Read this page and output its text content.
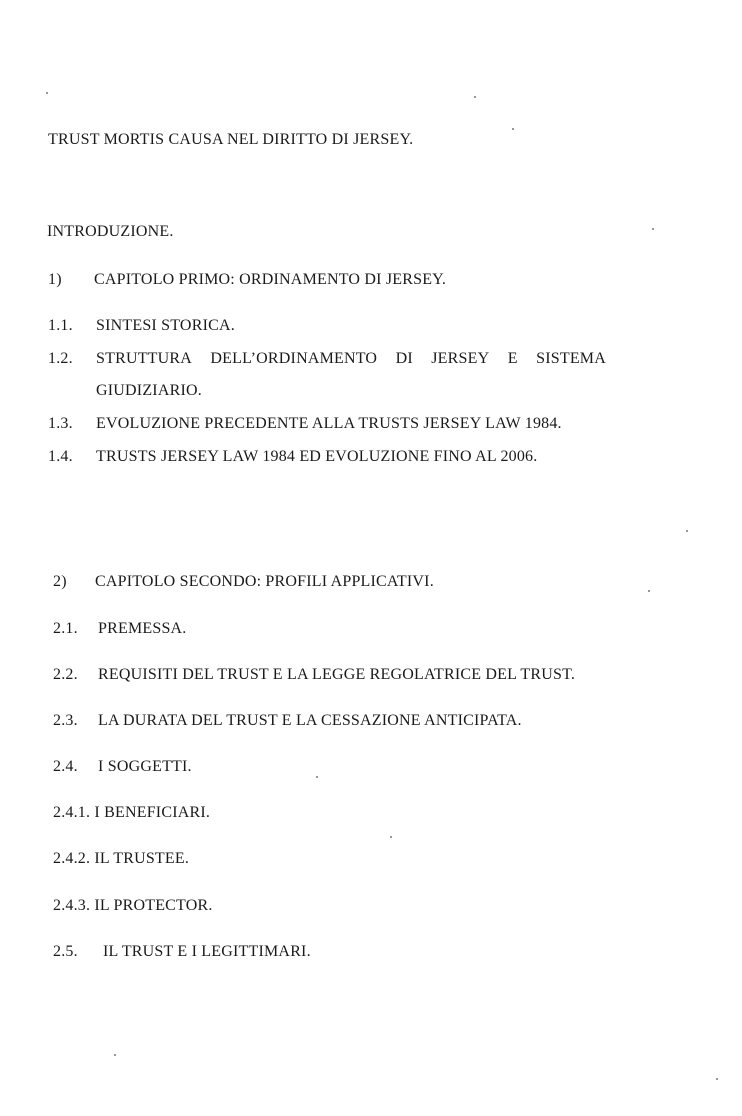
TRUST MORTIS CAUSA NEL DIRITTO DI JERSEY.
INTRODUZIONE.
1) CAPITOLO PRIMO: ORDINAMENTO DI JERSEY.
1.1. SINTESI STORICA.
1.2. STRUTTURA DELL’ORDINAMENTO DI JERSEY E SISTEMA
GIUDIZIARIO.
1.3. EVOLUZIONE PRECEDENTE ALLA TRUSTS JERSEY LAW 1984.
1.4. TRUSTS JERSEY LAW 1984 ED EVOLUZIONE FINO AL 2006.
2) CAPITOLO SECONDO: PROFILI APPLICATIVI.
2.1. PREMESSA.
2.2. REQUISITI DEL TRUST E LA LEGGE REGOLATRICE DEL TRUST.
2.3. LA DURATA DEL TRUST E LA CESSAZIONE ANTICIPATA.
2.4. I SOGGETTI.
2.4.1. I BENEFICIARI.
2.4.2. IL TRUSTEE.
2.4.3. IL PROTECTOR.
2.5. IL TRUST E I LEGITTIMARI.
